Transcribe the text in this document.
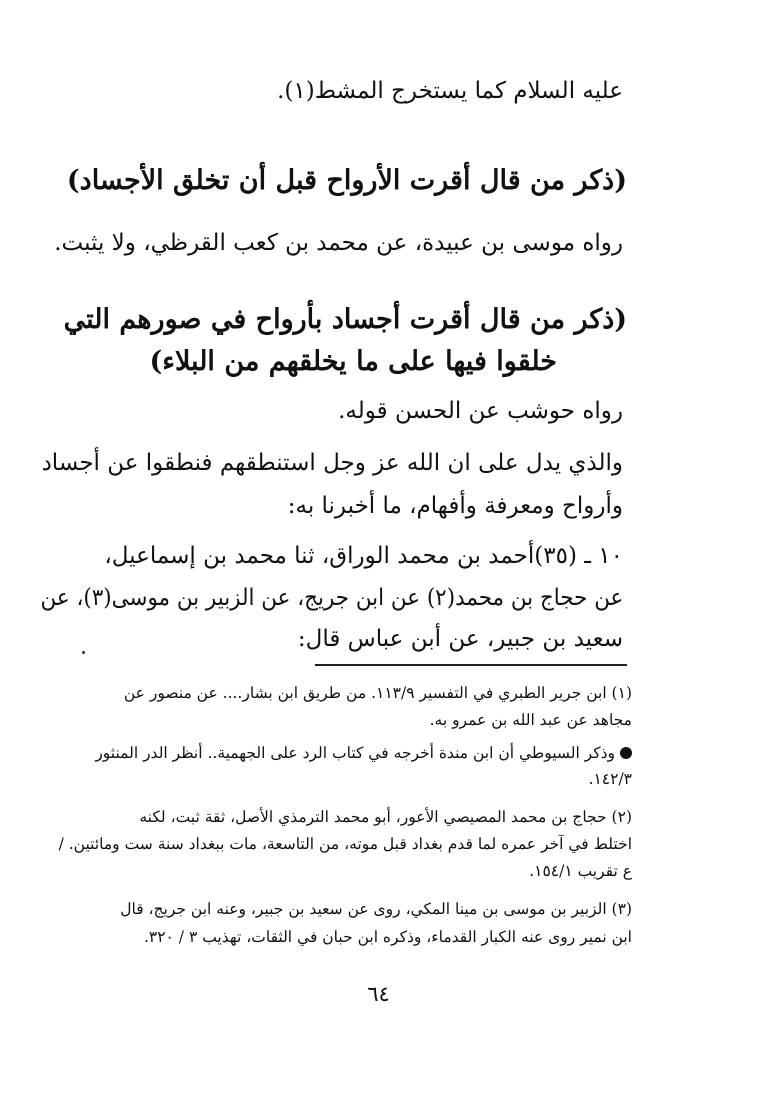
عليه السلام كما يستخرج المشط(١).

(ذكر من قال أقرت الأرواح قبل أن تخلق الأجساد)

رواه موسى بن عبيدة، عن محمد بن كعب القرظي، ولا يثبت.

(ذكر من قال أقرت أجساد بأرواح في صورهم التي

خلقوا فيها على ما يخلقهم من البلاء)

رواه حوشب عن الحسن قوله.

والذي يدل على ان الله عز وجل استنطقهم فنطقوا عن أجساد

وأرواح ومعرفة وأفهام، ما أخبرنا به:

١٠ ـ (٣٥)أحمد بن محمد الوراق، ثنا محمد بن إسماعيل،

عن حجاج بن محمد(٢) عن ابن جريج، عن الزبير بن موسى(٣)، عن

سعيد بن جبير، عن أبن عباس قال:

(١) ابن جرير الطبري في التفسير ١١٣/٩. من طريق ابن بشار.... عن منصور عن

مجاهد عن عبد الله بن عمرو به.

وذكر السيوطي أن ابن مندة أخرجه في كتاب الرد على الجهمية.. أنظر الدر المنثور

١٤٢/٣.

(٢) حجاج بن محمد المصيصي الأعور، أبو محمد الترمذي الأصل، ثقة ثبت، لكنه

اختلط في آخر عمره لما قدم بغداد قبل موته، من التاسعة، مات ببغداد سنة ست ومائتين. /

ع تقريب ١٥٤/١.

(٣) الزبير بن موسى بن مينا المكي، روى عن سعيد بن جبير، وعنه ابن جريج، قال

ابن نمير روى عنه الكبار القدماء، وذكره ابن حبان في الثقات، تهذيب ٣ / ٣٢٠.

٦٤
